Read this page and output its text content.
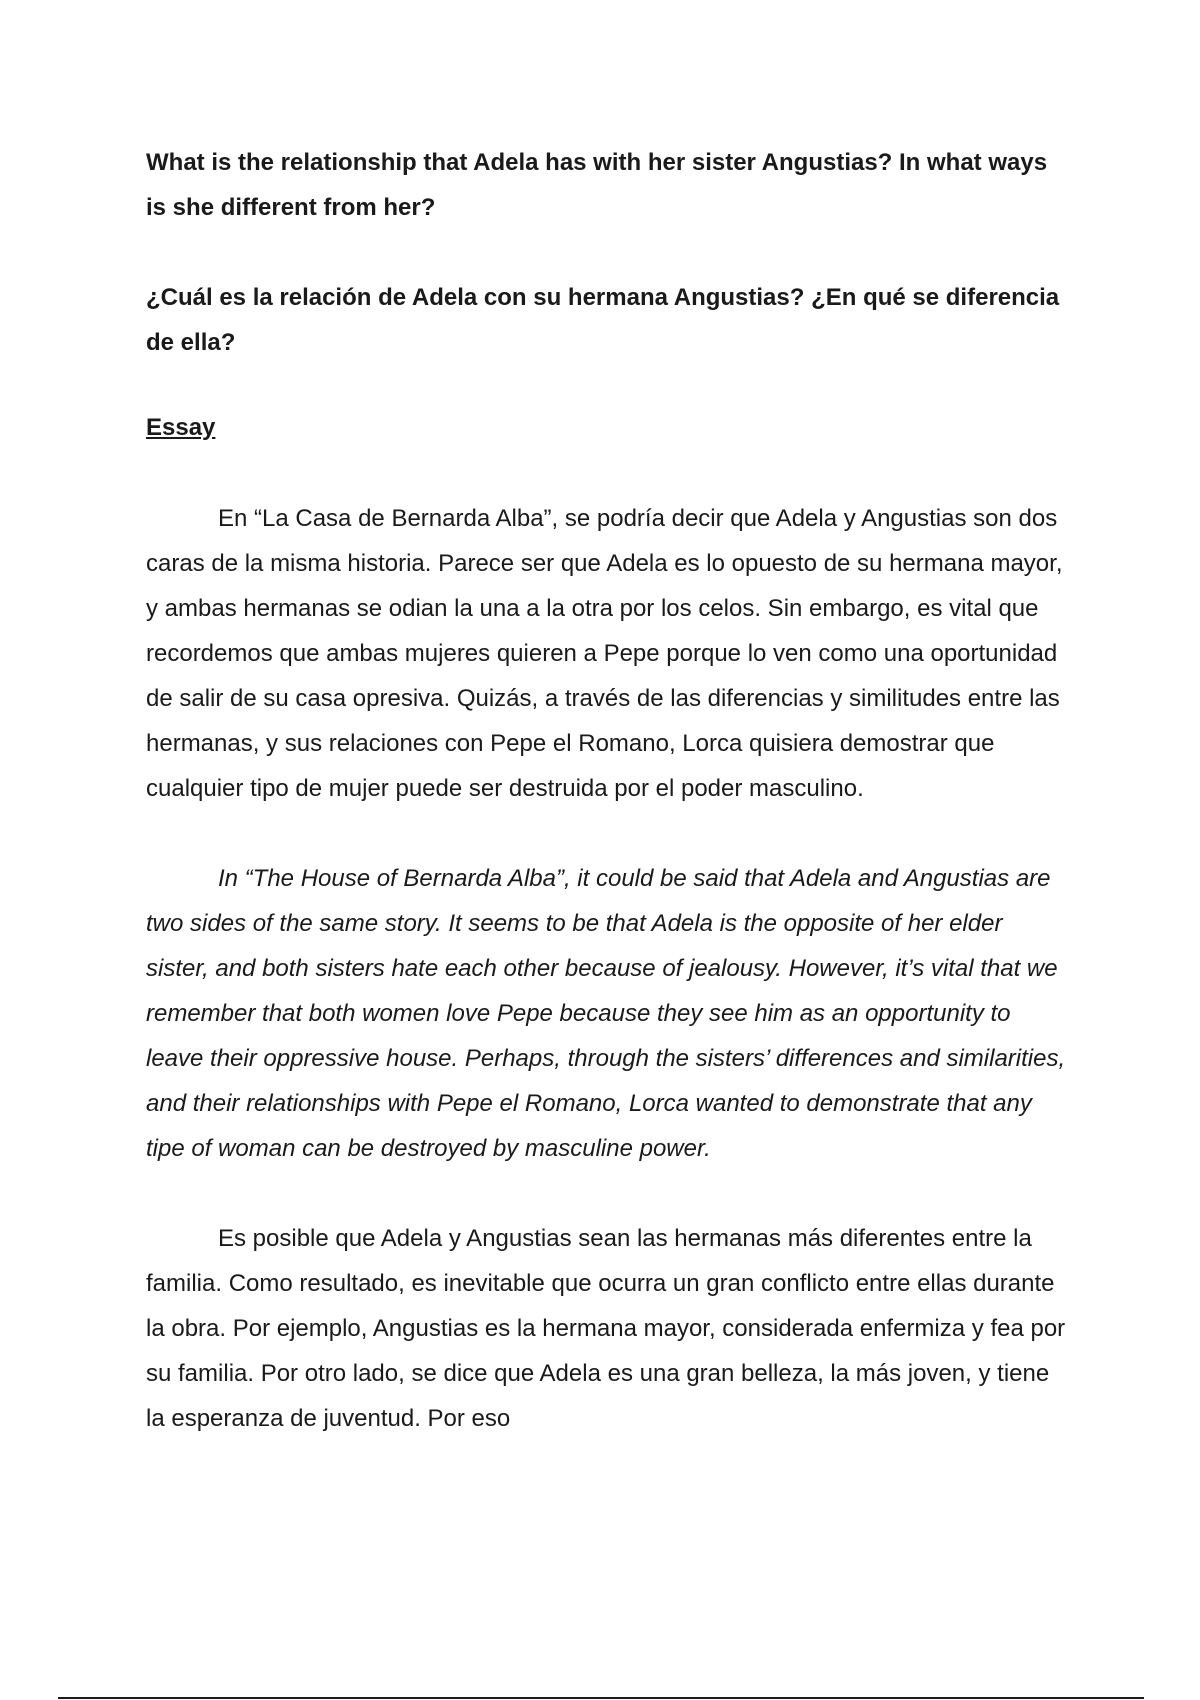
What is the relationship that Adela has with her sister Angustias? In what ways is she different from her?

¿Cuál es la relación de Adela con su hermana Angustias? ¿En qué se diferencia de ella?

Essay

En “La Casa de Bernarda Alba”, se podría decir que Adela y Angustias son dos caras de la misma historia. Parece ser que Adela es lo opuesto de su hermana mayor, y ambas hermanas se odian la una a la otra por los celos. Sin embargo, es vital que recordemos que ambas mujeres quieren a Pepe porque lo ven como una oportunidad de salir de su casa opresiva. Quizás, a través de las diferencias y similitudes entre las hermanas, y sus relaciones con Pepe el Romano, Lorca quisiera demostrar que cualquier tipo de mujer puede ser destruida por el poder masculino.

In “The House of Bernarda Alba”, it could be said that Adela and Angustias are two sides of the same story. It seems to be that Adela is the opposite of her elder sister, and both sisters hate each other because of jealousy. However, it’s vital that we remember that both women love Pepe because they see him as an opportunity to leave their oppressive house. Perhaps, through the sisters’ differences and similarities, and their relationships with Pepe el Romano, Lorca wanted to demonstrate that any tipe of woman can be destroyed by masculine power.

Es posible que Adela y Angustias sean las hermanas más diferentes entre la familia. Como resultado, es inevitable que ocurra un gran conflicto entre ellas durante la obra. Por ejemplo, Angustias es la hermana mayor, considerada enfermiza y fea por su familia. Por otro lado, se dice que Adela es una gran belleza, la más joven, y tiene la esperanza de juventud. Por eso
